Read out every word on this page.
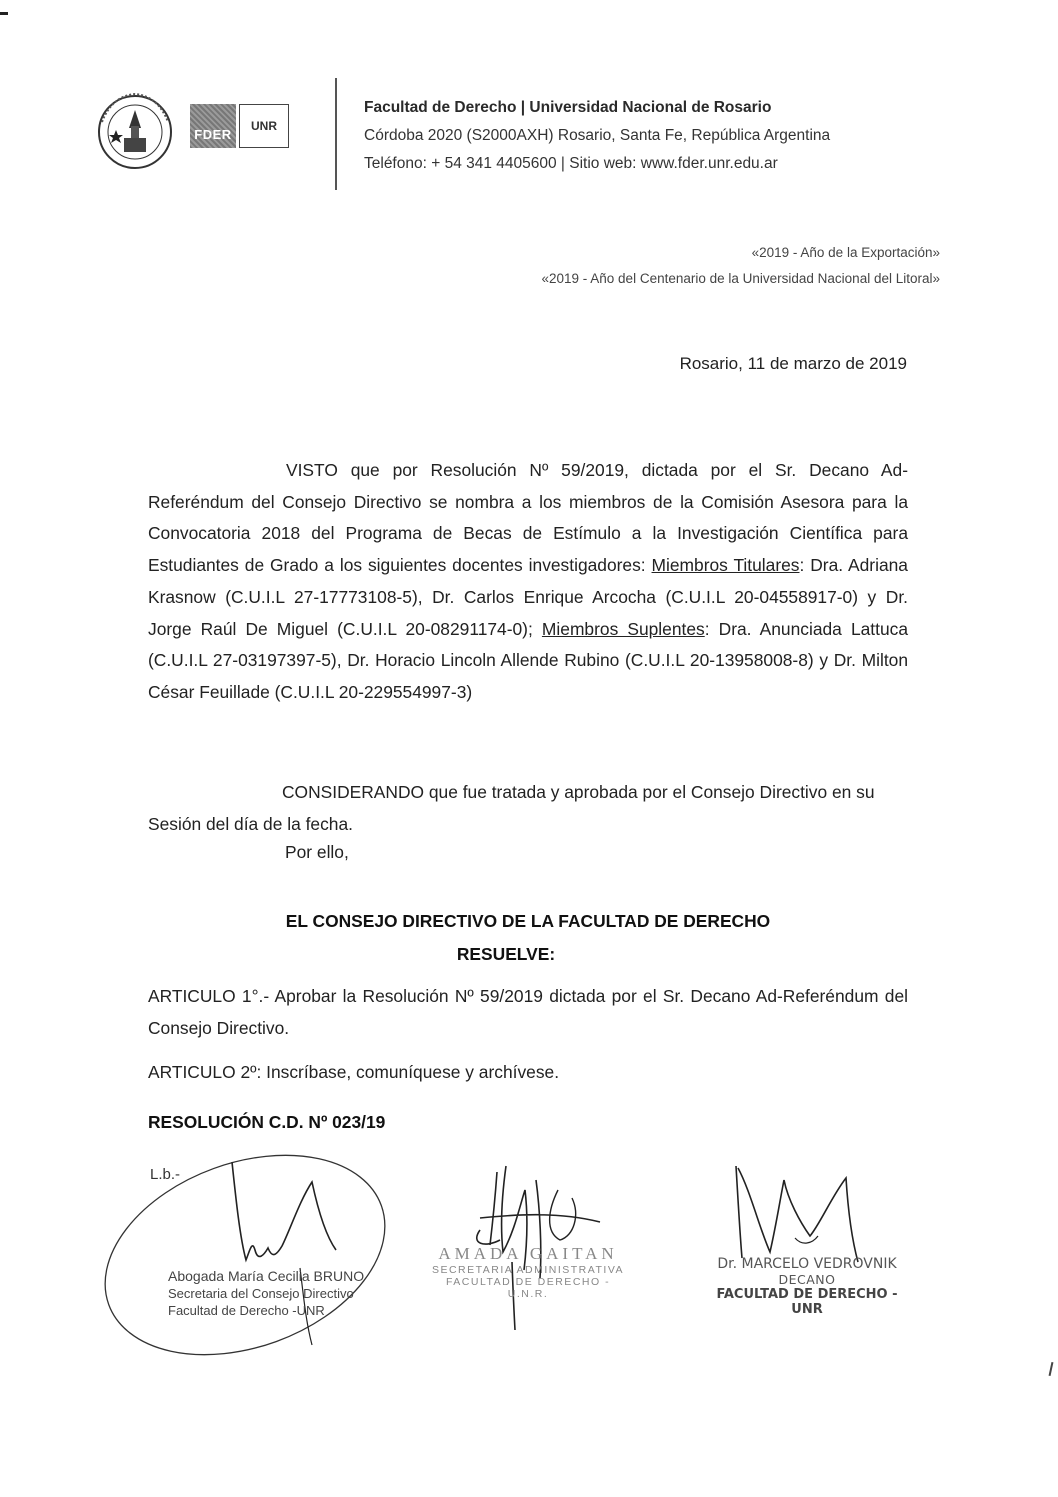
FDER
UNR
Facultad de Derecho | Universidad Nacional de Rosario
Córdoba 2020 (S2000AXH) Rosario, Santa Fe, República Argentina
Teléfono: + 54 341 4405600 | Sitio web: www.fder.unr.edu.ar
«2019 - Año de la Exportación»
«2019 - Año del Centenario de la Universidad Nacional del Litoral»
Rosario, 11 de marzo de 2019

VISTO que por Resolución Nº 59/2019, dictada por el Sr. Decano Ad-Referéndum del Consejo Directivo se nombra a los miembros de la Comisión Asesora para la Convocatoria 2018 del Programa de Becas de Estímulo a la Investigación Científica para Estudiantes de Grado a los siguientes docentes investigadores: Miembros Titulares: Dra. Adriana Krasnow (C.U.I.L 27-17773108-5), Dr. Carlos Enrique Arcocha (C.U.I.L 20-04558917-0) y Dr. Jorge Raúl De Miguel (C.U.I.L 20-08291174-0); Miembros Suplentes: Dra. Anunciada Lattuca (C.U.I.L 27-03197397-5), Dr. Horacio Lincoln Allende Rubino (C.U.I.L 20-13958008-8) y Dr. Milton César Feuillade (C.U.I.L 20-229554997-3)

CONSIDERANDO que fue tratada y aprobada por el Consejo Directivo en su Sesión del día de la fecha.

Por ello,
EL CONSEJO DIRECTIVO DE LA FACULTAD DE DERECHO
RESUELVE:
ARTICULO 1°.- Aprobar la Resolución Nº 59/2019 dictada por el Sr. Decano Ad-Referéndum del Consejo Directivo.
ARTICULO 2º: Inscríbase, comuníquese y archívese.
RESOLUCIÓN C.D. Nº 023/19
L.b.-
Abogada María Cecilia BRUNO
Secretaria del Consejo Directivo
Facultad de Derecho -UNR
AMADA GAITAN
SECRETARIA ADMINISTRATIVA
FACULTAD DE DERECHO - U.N.R.
Dr. MARCELO VEDROVNIK
DECANO
FACULTAD DE DERECHO -UNR
